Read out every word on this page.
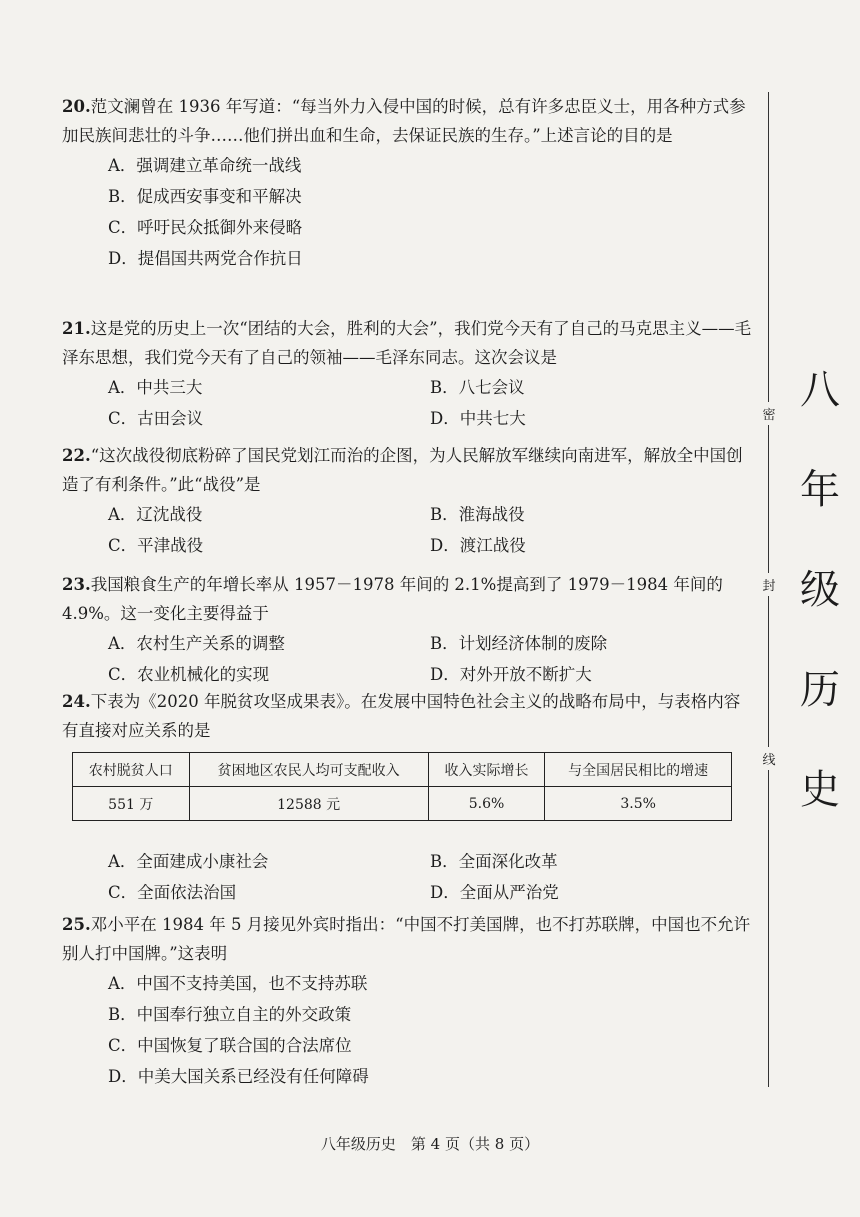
20.范文澜曾在 1936 年写道：“每当外力入侵中国的时候，总有许多忠臣义士，用各种方式参加民族间悲壮的斗争……他们拼出血和生命，去保证民族的生存。”上述言论的目的是

A．强调建立革命统一战线
B．促成西安事变和平解决
C．呼吁民众抵御外来侵略
D．提倡国共两党合作抗日

21.这是党的历史上一次“团结的大会，胜利的大会”，我们党今天有了自己的马克思主义——毛泽东思想，我们党今天有了自己的领袖——毛泽东同志。这次会议是

A．中共三大	B．八七会议
C．古田会议	D．中共七大

22.“这次战役彻底粉碎了国民党划江而治的企图，为人民解放军继续向南进军，解放全中国创造了有利条件。”此“战役”是

A．辽沈战役	B．淮海战役
C．平津战役	D．渡江战役

23.我国粮食生产的年增长率从 1957－1978 年间的 2.1%提高到了 1979－1984 年间的 4.9%。这一变化主要得益于

A．农村生产关系的调整	B．计划经济体制的废除
C．农业机械化的实现	D．对外开放不断扩大

24.下表为《2020 年脱贫攻坚成果表》。在发展中国特色社会主义的战略布局中，与表格内容有直接对应关系的是

农村脱贫人口	贫困地区农民人均可支配收入	收入实际增长	与全国居民相比的增速
551 万	12588 元	5.6%	3.5%
A．全面建成小康社会	B．全面深化改革
C．全面依法治国	D．全面从严治党

25.邓小平在 1984 年 5 月接见外宾时指出：“中国不打美国牌，也不打苏联牌，中国也不允许别人打中国牌。”这表明

A．中国不支持美国，也不支持苏联
B．中国奉行独立自主的外交政策
C．中国恢复了联合国的合法席位
D．中美大国关系已经没有任何障碍
密
封
线
八
年
级
历
史
八年级历史　第 4 页（共 8 页）
